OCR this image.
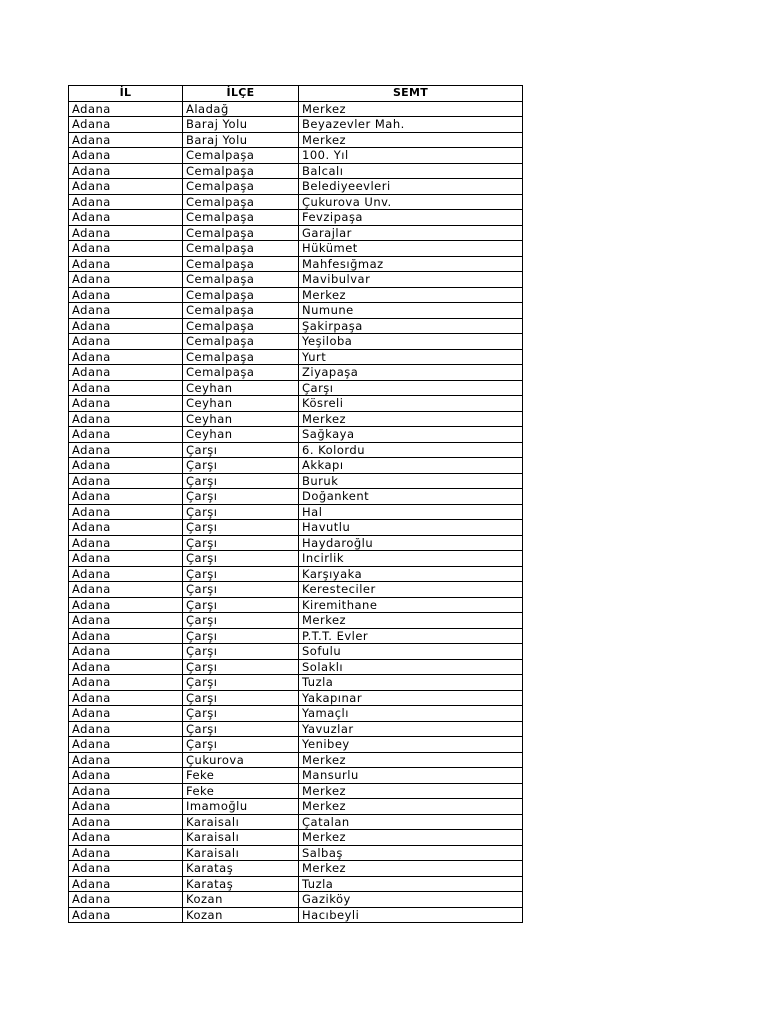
İL	İLÇE	SEMT
Adana	Aladağ	Merkez
Adana	Baraj Yolu	Beyazevler Mah.
Adana	Baraj Yolu	Merkez
Adana	Cemalpaşa	100. Yıl
Adana	Cemalpaşa	Balcalı
Adana	Cemalpaşa	Belediyeevleri
Adana	Cemalpaşa	Çukurova Unv.
Adana	Cemalpaşa	Fevzipaşa
Adana	Cemalpaşa	Garajlar
Adana	Cemalpaşa	Hükümet
Adana	Cemalpaşa	Mahfesığmaz
Adana	Cemalpaşa	Mavibulvar
Adana	Cemalpaşa	Merkez
Adana	Cemalpaşa	Numune
Adana	Cemalpaşa	Şakirpaşa
Adana	Cemalpaşa	Yeşiloba
Adana	Cemalpaşa	Yurt
Adana	Cemalpaşa	Ziyapaşa
Adana	Ceyhan	Çarşı
Adana	Ceyhan	Kösreli
Adana	Ceyhan	Merkez
Adana	Ceyhan	Sağkaya
Adana	Çarşı	6. Kolordu
Adana	Çarşı	Akkapı
Adana	Çarşı	Buruk
Adana	Çarşı	Doğankent
Adana	Çarşı	Hal
Adana	Çarşı	Havutlu
Adana	Çarşı	Haydaroğlu
Adana	Çarşı	Incirlik
Adana	Çarşı	Karşıyaka
Adana	Çarşı	Keresteciler
Adana	Çarşı	Kiremithane
Adana	Çarşı	Merkez
Adana	Çarşı	P.T.T. Evler
Adana	Çarşı	Sofulu
Adana	Çarşı	Solaklı
Adana	Çarşı	Tuzla
Adana	Çarşı	Yakapınar
Adana	Çarşı	Yamaçlı
Adana	Çarşı	Yavuzlar
Adana	Çarşı	Yenibey
Adana	Çukurova	Merkez
Adana	Feke	Mansurlu
Adana	Feke	Merkez
Adana	Imamoğlu	Merkez
Adana	Karaisalı	Çatalan
Adana	Karaisalı	Merkez
Adana	Karaisalı	Salbaş
Adana	Karataş	Merkez
Adana	Karataş	Tuzla
Adana	Kozan	Gaziköy
Adana	Kozan	Hacıbeyli
